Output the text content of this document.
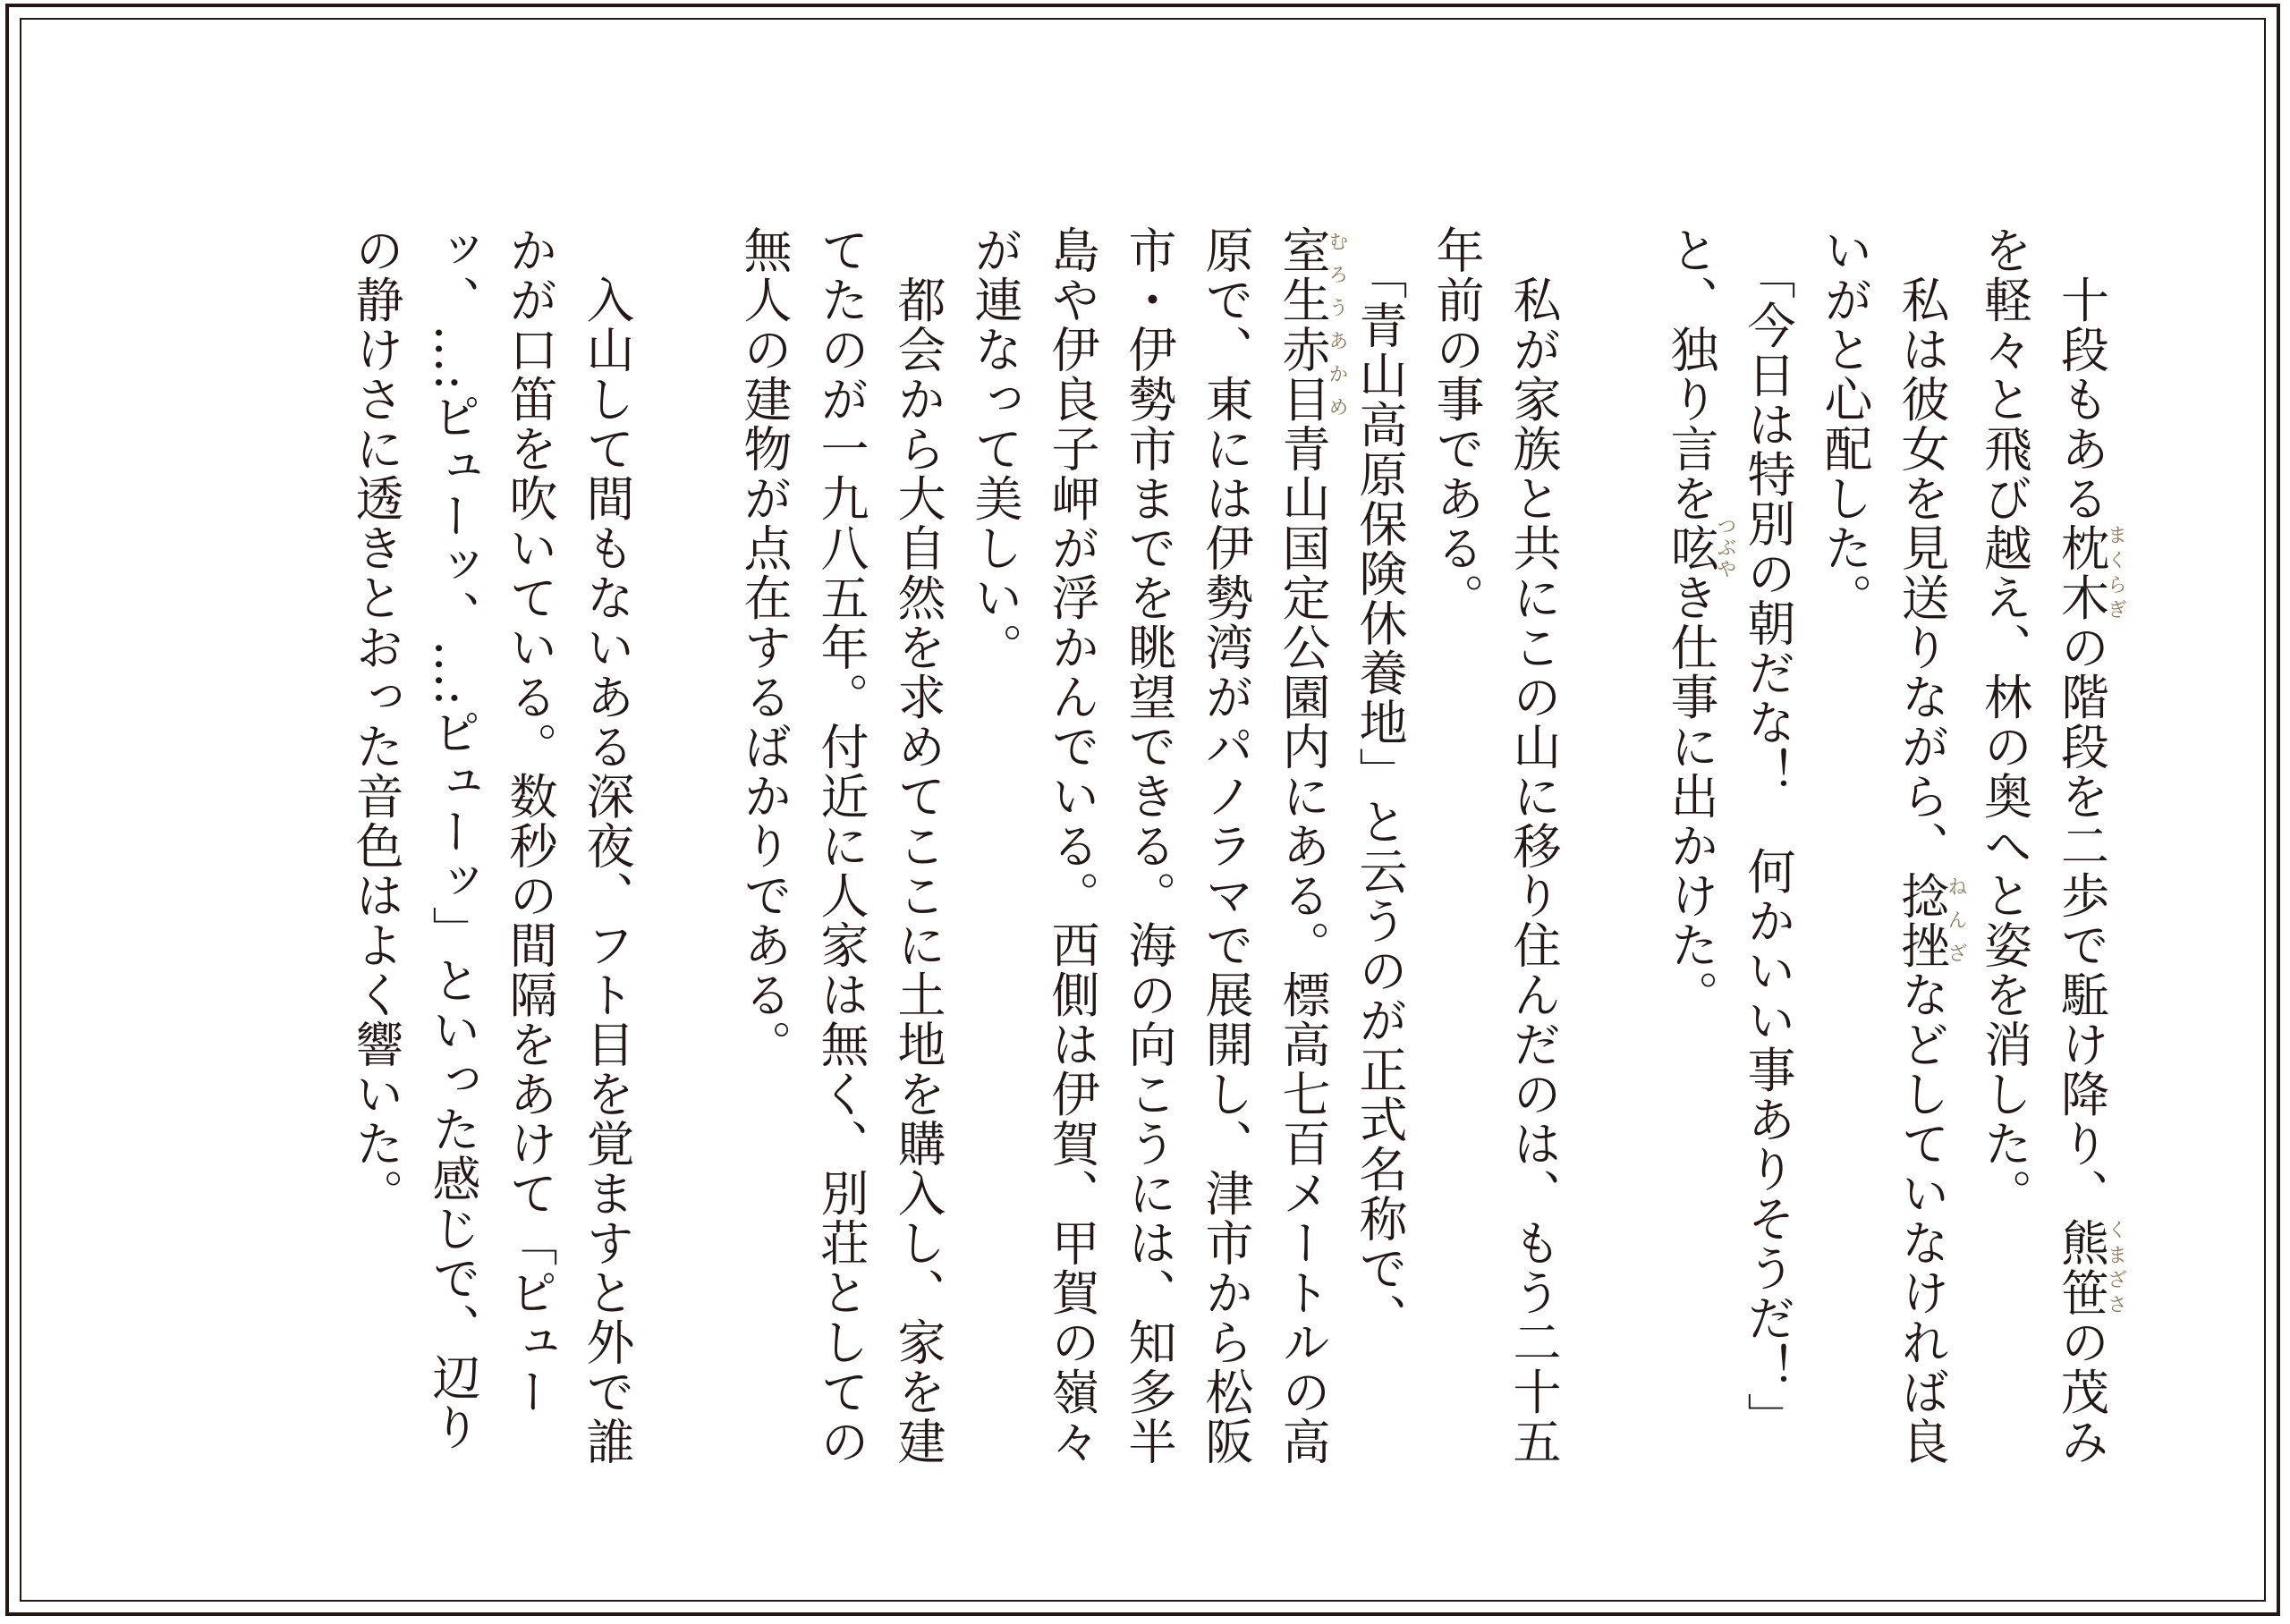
　十段もある枕木まくらぎの階段を二歩で駈け降り、熊笹くまざさの茂みを軽々と飛び越え、林の奥へと姿を消した。

　私は彼女を見送りながら、捻挫ねんざなどしていなければ良いがと心配した。

　「今日は特別の朝だな！　何かいい事ありそうだ！」と、独り言を呟つぶやき仕事に出かけた。

　私が家族と共にこの山に移り住んだのは、もう二十五年前の事である。

　「青山高原保険休養地」と云うのが正式名称で、室生赤目むろうあかめ青山国定公園内にある。標高七百メートルの高原で、東には伊勢湾がパノラマで展開し、津市から松阪市・伊勢市までを眺望できる。海の向こうには、知多半島や伊良子岬が浮かんでいる。西側は伊賀、甲賀の嶺々が連なって美しい。

　都会から大自然を求めてここに土地を購入し、家を建てたのが一九八五年。付近に人家は無く、別荘としての無人の建物が点在するばかりである。

　入山して間もないある深夜、フト目を覚ますと外で誰かが口笛を吹いている。数秒の間隔をあけて「ピューッ、…:ピューッ、…:ピューッ」といった感じで、辺りの静けさに透きとおった音色はよく響いた。
